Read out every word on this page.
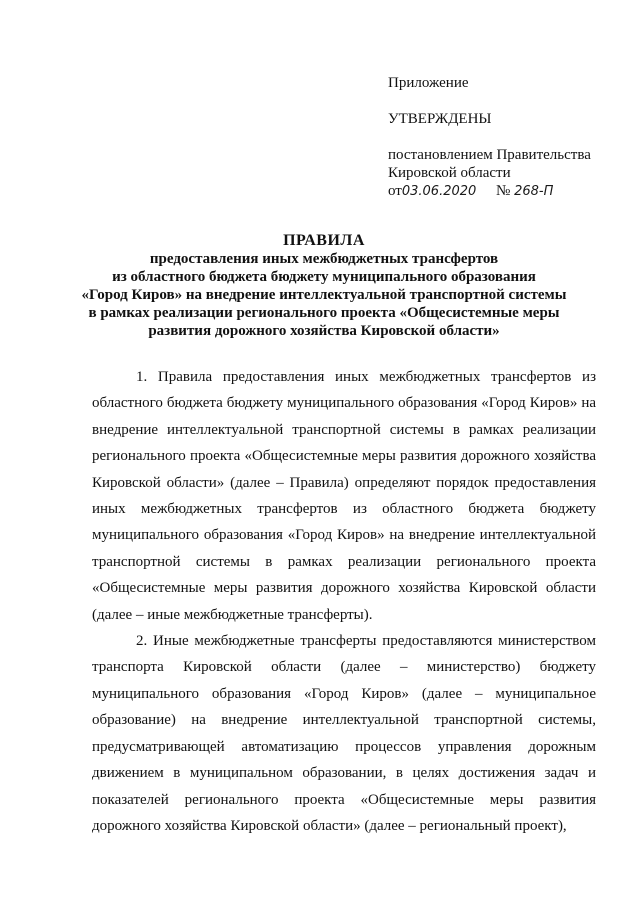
Приложение
УТВЕРЖДЕНЫ
постановлением Правительства
Кировской области
от03.06.2020 № 268-П
ПРАВИЛА
предоставления иных межбюджетных трансфертов
из областного бюджета бюджету муниципального образования
«Город Киров» на внедрение интеллектуальной транспортной системы
в рамках реализации регионального проекта «Общесистемные меры
развития дорожного хозяйства Кировской области»

1. Правила предоставления иных межбюджетных трансфертов из областного бюджета бюджету муниципального образования «Город Киров» на внедрение интеллектуальной транспортной системы в рамках реализации регионального проекта «Общесистемные меры развития дорожного хозяйства Кировской области» (далее – Правила) определяют порядок предоставления иных межбюджетных трансфертов из областного бюджета бюджету муниципального образования «Город Киров» на внедрение интеллектуальной транспортной системы в рамках реализации регионального проекта «Общесистемные меры развития дорожного хозяйства Кировской области (далее – иные межбюджетные трансферты).

2. Иные межбюджетные трансферты предоставляются министерством транспорта Кировской области (далее – министерство) бюджету муниципального образования «Город Киров» (далее – муниципальное образование) на внедрение интеллектуальной транспортной системы, предусматривающей автоматизацию процессов управления дорожным движением в муниципальном образовании, в целях достижения задач и показателей регионального проекта «Общесистемные меры развития дорожного хозяйства Кировской области» (далее – региональный проект),
